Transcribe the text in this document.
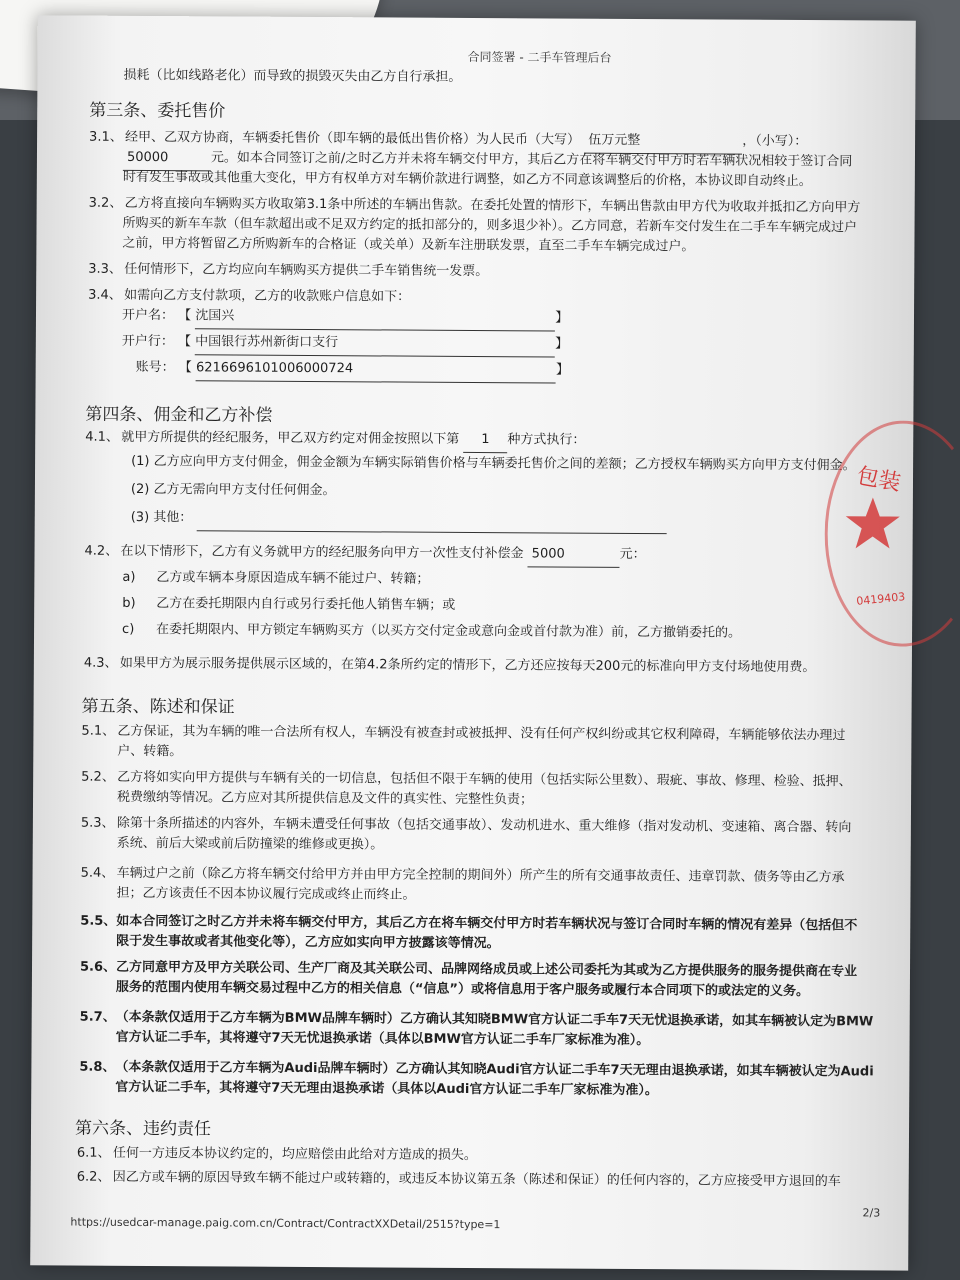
合同签署 - 二手车管理后台
损耗（比如线路老化）而导致的损毁灭失由乙方自行承担。
第三条、委托售价
3.1、 经甲、乙双方协商，车辆委托售价（即车辆的最低出售价格）为人民币（大写） 伍万元整	，（小写）：
50000	元。如本合同签订之前/之时乙方并未将车辆交付甲方，其后乙方在将车辆交付甲方时若车辆状况相较于签订合同
时有发生事故或其他重大变化，甲方有权单方对车辆价款进行调整，如乙方不同意该调整后的价格，本协议即自动终止。
3.2、 乙方将直接向车辆购买方收取第3.1条中所述的车辆出售款。在委托处置的情形下，车辆出售款由甲方代为收取并抵扣乙方向甲方
所购买的新车车款（但车款超出或不足双方约定的抵扣部分的，则多退少补）。乙方同意，若新车交付发生在二手车车辆完成过户
之前，甲方将暂留乙方所购新车的合格证（或关单）及新车注册联发票，直至二手车车辆完成过户。
3.3、 任何情形下，乙方均应向车辆购买方提供二手车销售统一发票。
3.4、 如需向乙方支付款项，乙方的收款账户信息如下：
开户名： 【 沈国兴	】
开户行： 【 中国银行苏州新街口支行	】
账号： 【 6216696101006000724	】
第四条、佣金和乙方补偿
4.1、 就甲方所提供的经纪服务，甲乙双方约定对佣金按照以下第 1 种方式执行：
(1) 乙方应向甲方支付佣金，佣金金额为车辆实际销售价格与车辆委托售价之间的差额；乙方授权车辆购买方向甲方支付佣金。
(2) 乙方无需向甲方支付任何佣金。
(3) 其他：
4.2、 在以下情形下，乙方有义务就甲方的经纪服务向甲方一次性支付补偿金 5000	元：
a) 乙方或车辆本身原因造成车辆不能过户、转籍；
b) 乙方在委托期限内自行或另行委托他人销售车辆；或
c) 在委托期限内、甲方锁定车辆购买方（以买方交付定金或意向金或首付款为准）前，乙方撤销委托的。
4.3、 如果甲方为展示服务提供展示区域的，在第4.2条所约定的情形下，乙方还应按每天200元的标准向甲方支付场地使用费。
第五条、陈述和保证
5.1、 乙方保证，其为车辆的唯一合法所有权人，车辆没有被查封或被抵押、没有任何产权纠纷或其它权利障碍，车辆能够依法办理过
户、转籍。
5.2、 乙方将如实向甲方提供与车辆有关的一切信息，包括但不限于车辆的使用（包括实际公里数）、瑕疵、事故、修理、检验、抵押、
税费缴纳等情况。乙方应对其所提供信息及文件的真实性、完整性负责；
5.3、 除第十条所描述的内容外，车辆未遭受任何事故（包括交通事故）、发动机进水、重大维修（指对发动机、变速箱、离合器、转向
系统、前后大梁或前后防撞梁的维修或更换）。
5.4、 车辆过户之前（除乙方将车辆交付给甲方并由甲方完全控制的期间外）所产生的所有交通事故责任、违章罚款、债务等由乙方承
担；乙方该责任不因本协议履行完成或终止而终止。
5.5、如本合同签订之时乙方并未将车辆交付甲方，其后乙方在将车辆交付甲方时若车辆状况与签订合同时车辆的情况有差异（包括但不
限于发生事故或者其他变化等），乙方应如实向甲方披露该等情况。
5.6、乙方同意甲方及甲方关联公司、生产厂商及其关联公司、品牌网络成员或上述公司委托为其或为乙方提供服务的服务提供商在专业
服务的范围内使用车辆交易过程中乙方的相关信息（“信息”）或将信息用于客户服务或履行本合同项下的或法定的义务。
5.7、（本条款仅适用于乙方车辆为BMW品牌车辆时）乙方确认其知晓BMW官方认证二手车7天无忧退换承诺，如其车辆被认定为BMW
官方认证二手车，其将遵守7天无忧退换承诺（具体以BMW官方认证二手车厂家标准为准）。
5.8、（本条款仅适用于乙方车辆为Audi品牌车辆时）乙方确认其知晓Audi官方认证二手车7天无理由退换承诺，如其车辆被认定为Audi
官方认证二手车，其将遵守7天无理由退换承诺（具体以Audi官方认证二手车厂家标准为准）。
第六条、违约责任
6.1、 任何一方违反本协议约定的，均应赔偿由此给对方造成的损失。
6.2、 因乙方或车辆的原因导致车辆不能过户或转籍的，或违反本协议第五条（陈述和保证）的任何内容的，乙方应接受甲方退回的车
包装
0419403
https://usedcar-manage.paig.com.cn/Contract/ContractXXDetail/2515?type=1
2/3
